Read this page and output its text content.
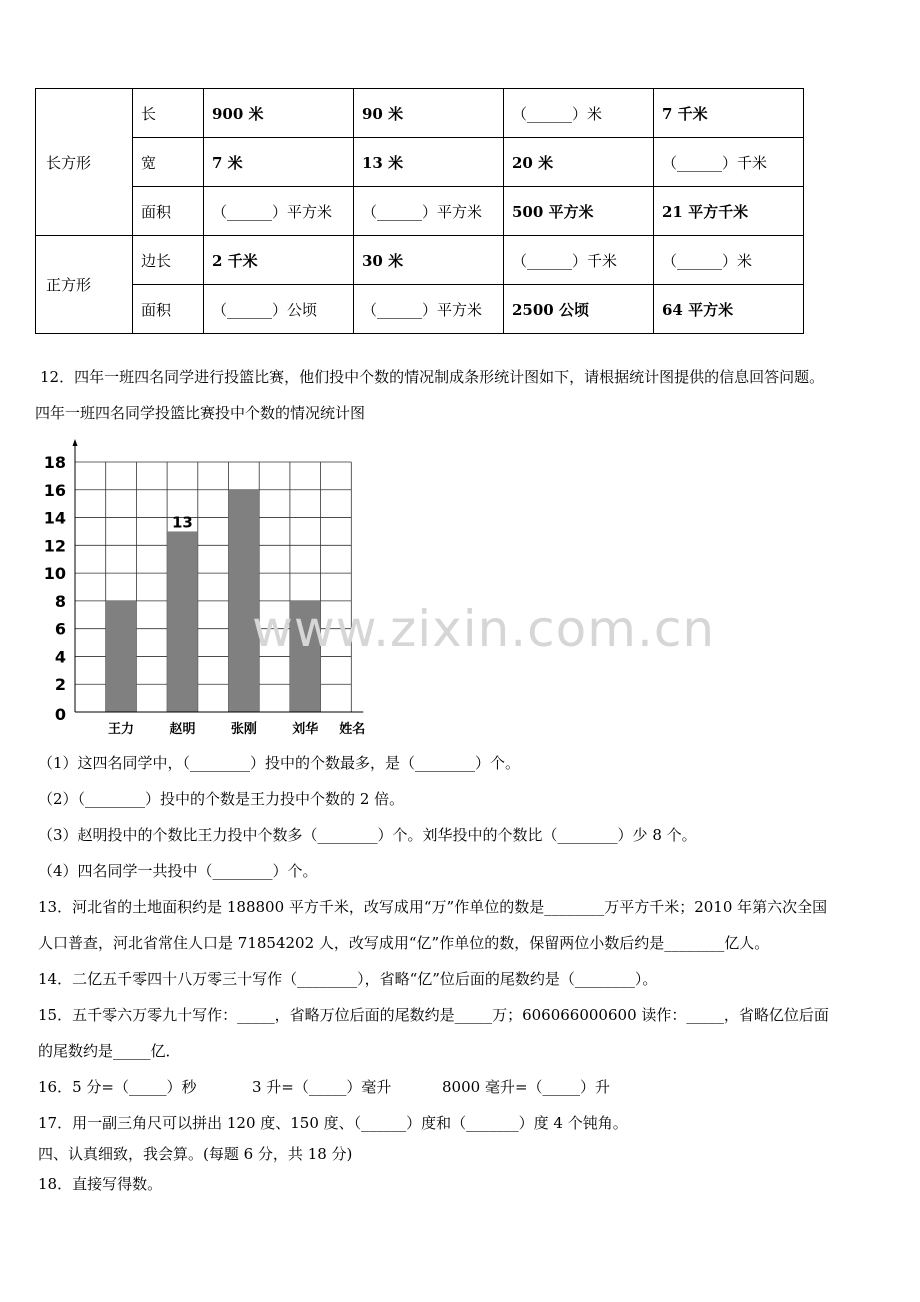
长方形	长	900 米	90 米	（______）米	7 千米
	宽	7 米	13 米	20 米	（______）千米
	面积	（______）平方米	（______）平方米	500 平方米	21 平方千米
正方形	边长	2 千米	30 米	（______）千米	（______）米
	面积	（______）公顷	（______）平方米	2500 公顷	64 平方米
12．四年一班四名同学进行投篮比赛，他们投中个数的情况制成条形统计图如下，请根据统计图提供的信息回答问题。
四年一班四名同学投篮比赛投中个数的情况统计图
王力	赵明	张刚	刘华 姓名
0
2
4
6
8
10
12
14
16
18
13
www.zixin.com.cn
（1）这四名同学中，（________）投中的个数最多，是（________）个。
（2）（________）投中的个数是王力投中个数的 2 倍。
（3）赵明投中的个数比王力投中个数多（________）个。刘华投中的个数比（________）少 8 个。
（4）四名同学一共投中（________）个。
13．河北省的土地面积约是 188800 平方千米，改写成用“万”作单位的数是________万平方千米；2010 年第六次全国
人口普查，河北省常住人口是 71854202 人，改写成用“亿”作单位的数，保留两位小数后约是________亿人。
14．二亿五千零四十八万零三十写作（________），省略“亿”位后面的尾数约是（________）。
15．五千零六万零九十写作：_____，省略万位后面的尾数约是_____万；606066000600 读作：_____，省略亿位后面
的尾数约是_____亿．
16．5 分=（_____）秒	3 升=（_____）毫升	8000 毫升=（_____）升
17．用一副三角尺可以拼出 120 度、150 度、（______）度和（_______）度 4 个钝角。
四、认真细致，我会算。(每题 6 分，共 18 分)
18．直接写得数。
